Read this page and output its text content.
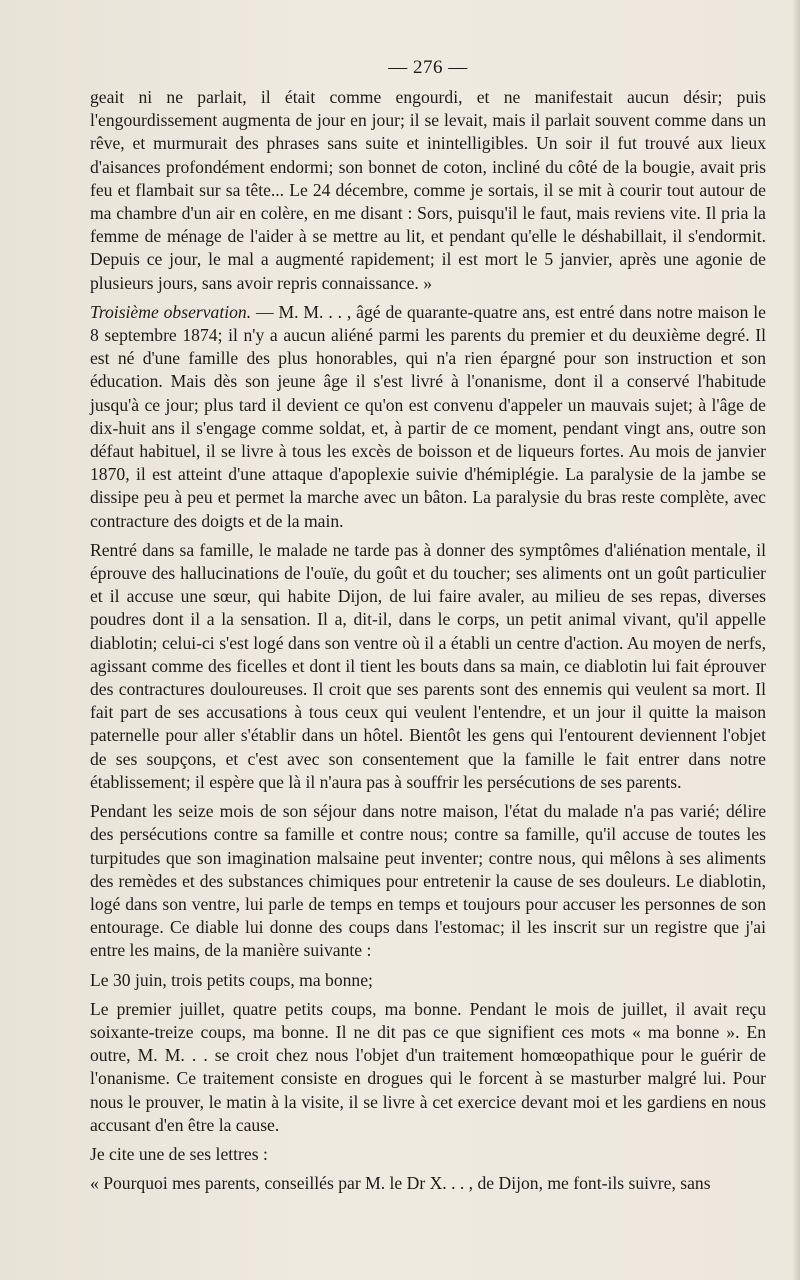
— 276 —

geait ni ne parlait, il était comme engourdi, et ne manifestait aucun désir; puis l'engourdissement augmenta de jour en jour; il se levait, mais il parlait souvent comme dans un rêve, et murmurait des phrases sans suite et inintelligibles. Un soir il fut trouvé aux lieux d'aisances profondément endormi; son bonnet de coton, incliné du côté de la bougie, avait pris feu et flambait sur sa tête... Le 24 décembre, comme je sortais, il se mit à courir tout autour de ma chambre d'un air en colère, en me disant : Sors, puisqu'il le faut, mais reviens vite. Il pria la femme de ménage de l'aider à se mettre au lit, et pendant qu'elle le déshabillait, il s'endormit. Depuis ce jour, le mal a augmenté rapidement; il est mort le 5 janvier, après une agonie de plusieurs jours, sans avoir repris connaissance. »

Troisième observation. — M. M. . . , âgé de quarante-quatre ans, est entré dans notre maison le 8 septembre 1874; il n'y a aucun aliéné parmi les parents du premier et du deuxième degré. Il est né d'une famille des plus honorables, qui n'a rien épargné pour son instruction et son éducation. Mais dès son jeune âge il s'est livré à l'onanisme, dont il a conservé l'habitude jusqu'à ce jour; plus tard il devient ce qu'on est convenu d'appeler un mauvais sujet; à l'âge de dix-huit ans il s'engage comme soldat, et, à partir de ce moment, pendant vingt ans, outre son défaut habituel, il se livre à tous les excès de boisson et de liqueurs fortes. Au mois de janvier 1870, il est atteint d'une attaque d'apoplexie suivie d'hémiplégie. La paralysie de la jambe se dissipe peu à peu et permet la marche avec un bâton. La paralysie du bras reste complète, avec contracture des doigts et de la main.

Rentré dans sa famille, le malade ne tarde pas à donner des symptômes d'aliénation mentale, il éprouve des hallucinations de l'ouïe, du goût et du toucher; ses aliments ont un goût particulier et il accuse une sœur, qui habite Dijon, de lui faire avaler, au milieu de ses repas, diverses poudres dont il a la sensation. Il a, dit-il, dans le corps, un petit animal vivant, qu'il appelle diablotin; celui-ci s'est logé dans son ventre où il a établi un centre d'action. Au moyen de nerfs, agissant comme des ficelles et dont il tient les bouts dans sa main, ce diablotin lui fait éprouver des contractures douloureuses. Il croit que ses parents sont des ennemis qui veulent sa mort. Il fait part de ses accusations à tous ceux qui veulent l'entendre, et un jour il quitte la maison paternelle pour aller s'établir dans un hôtel. Bientôt les gens qui l'entourent deviennent l'objet de ses soupçons, et c'est avec son consentement que la famille le fait entrer dans notre établissement; il espère que là il n'aura pas à souffrir les persécutions de ses parents.

Pendant les seize mois de son séjour dans notre maison, l'état du malade n'a pas varié; délire des persécutions contre sa famille et contre nous; contre sa famille, qu'il accuse de toutes les turpitudes que son imagination malsaine peut inventer; contre nous, qui mêlons à ses aliments des remèdes et des substances chimiques pour entretenir la cause de ses douleurs. Le diablotin, logé dans son ventre, lui parle de temps en temps et toujours pour accuser les personnes de son entourage. Ce diable lui donne des coups dans l'estomac; il les inscrit sur un registre que j'ai entre les mains, de la manière suivante :

Le 30 juin, trois petits coups, ma bonne;

Le premier juillet, quatre petits coups, ma bonne. Pendant le mois de juillet, il avait reçu soixante-treize coups, ma bonne. Il ne dit pas ce que signifient ces mots « ma bonne ». En outre, M. M. . . se croit chez nous l'objet d'un traitement homœopathique pour le guérir de l'onanisme. Ce traitement consiste en drogues qui le forcent à se masturber malgré lui. Pour nous le prouver, le matin à la visite, il se livre à cet exercice devant moi et les gardiens en nous accusant d'en être la cause.

Je cite une de ses lettres :

« Pourquoi mes parents, conseillés par M. le Dr X. . . , de Dijon, me font-ils suivre, sans
